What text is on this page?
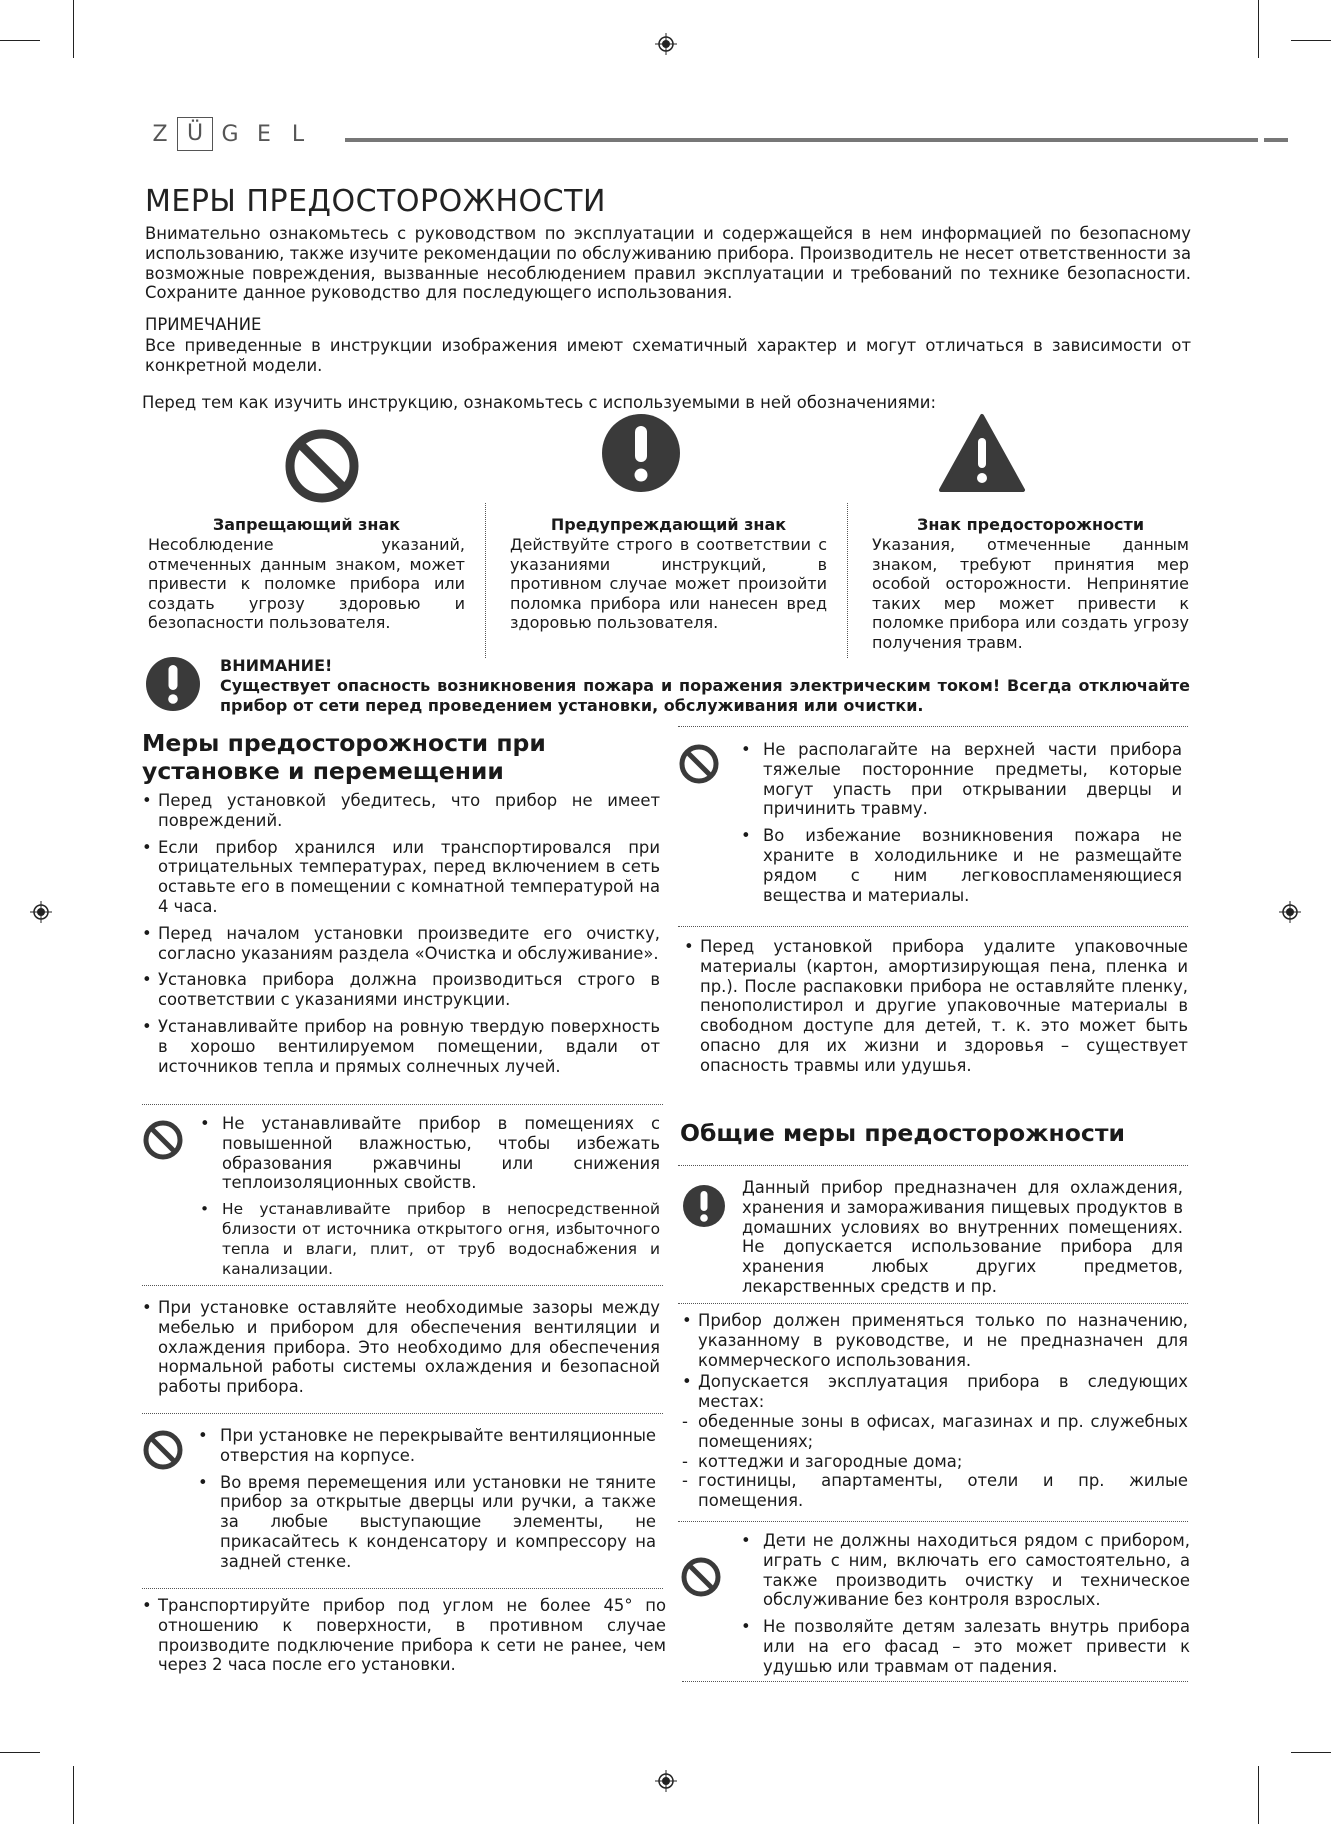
Z Ü G E L
МЕРЫ ПРЕДОСТОРОЖНОСТИ

Внимательно ознакомьтесь с руководством по эксплуатации и содержащейся в нем информацией по безопасному использованию, также изучите рекомендации по обслуживанию прибора. Производитель не несет ответственности за возможные повреждения, вызванные несоблюдением правил эксплуатации и требований по технике безопасности. Сохраните данное руководство для последующего использования.

ПРИМЕЧАНИЕ

Все приведенные в инструкции изображения имеют схематичный характер и могут отличаться в зависимости от конкретной модели.

Перед тем как изучить инструкцию, ознакомьтесь с используемыми в ней обозначениями:

Запрещающий знак

Несоблюдение указаний, отмеченных данным знаком, может привести к поломке прибора или создать угрозу здоровью и безопасности пользователя.

Предупреждающий знак

Действуйте строго в соответствии с указаниями инструкций, в противном случае может произойти поломка прибора или нанесен вред здоровью пользователя.

Знак предосторожности

Указания, отмеченные данным знаком, требуют принятия мер особой осторожности. Непринятие таких мер может привести к поломке прибора или создать угрозу получения травм.

ВНИМАНИЕ!

Существует опасность возникновения пожара и поражения электрическим током! Всегда отключайте прибор от сети перед проведением установки, обслуживания или очистки.

Меры предосторожности при установке и перемещении
• Перед установкой убедитесь, что прибор не имеет повреждений.
• Если прибор хранился или транспортировался при отрицательных температурах, перед включением в сеть оставьте его в помещении с комнатной температурой на 4 часа.
• Перед началом установки произведите его очистку, согласно указаниям раздела «Очистка и обслуживание».
• Установка прибора должна производиться строго в соответствии с указаниями инструкции.
• Устанавливайте прибор на ровную твердую поверхность в хорошо вентилируемом помещении, вдали от источников тепла и прямых солнечных лучей.
• Не устанавливайте прибор в помещениях с повышенной влажностью, чтобы избежать образования ржавчины или снижения теплоизоляционных свойств.
• Не устанавливайте прибор в непосредственной близости от источника открытого огня, избыточного тепла и влаги, плит, от труб водоснабжения и канализации.
• При установке оставляйте необходимые зазоры между мебелью и прибором для обеспечения вентиляции и охлаждения прибора. Это необходимо для обеспечения нормальной работы системы охлаждения и безопасной работы прибора.
• При установке не перекрывайте вентиляционные отверстия на корпусе.
• Во время перемещения или установки не тяните прибор за открытые дверцы или ручки, а также за любые выступающие элементы, не прикасайтесь к конденсатору и компрессору на задней стенке.
• Транспортируйте прибор под углом не более 45° по отношению к поверхности, в противном случае производите подключение прибора к сети не ранее, чем через 2 часа после его установки.
• Не располагайте на верхней части прибора тяжелые посторонние предметы, которые могут упасть при открывании дверцы и причинить травму.
• Во избежание возникновения пожара не храните в холодильнике и не размещайте рядом с ним легковоспламеняющиеся вещества и материалы.
• Перед установкой прибора удалите упаковочные материалы (картон, амортизирующая пена, пленка и пр.). После распаковки прибора не оставляйте пленку, пенополистирол и другие упаковочные материалы в свободном доступе для детей, т. к. это может быть опасно для их жизни и здоровья – существует опасность травмы или удушья.
Общие меры предосторожности

Данный прибор предназначен для охлаждения, хранения и замораживания пищевых продуктов в домашних условиях во внутренних помещениях. Не допускается использование прибора для хранения любых других предметов, лекарственных средств и пр.

• Прибор должен применяться только по назначению, указанному в руководстве, и не предназначен для коммерческого использования.
• Допускается эксплуатация прибора в следующих местах:
- обеденные зоны в офисах, магазинах и пр. служебных помещениях;
- коттеджи и загородные дома;
- гостиницы, апартаменты, отели и пр. жилые помещения.
• Дети не должны находиться рядом с прибором, играть с ним, включать его самостоятельно, а также производить очистку и техническое обслуживание без контроля взрослых.
• Не позволяйте детям залезать внутрь прибора или на его фасад – это может привести к удушью или травмам от падения.
